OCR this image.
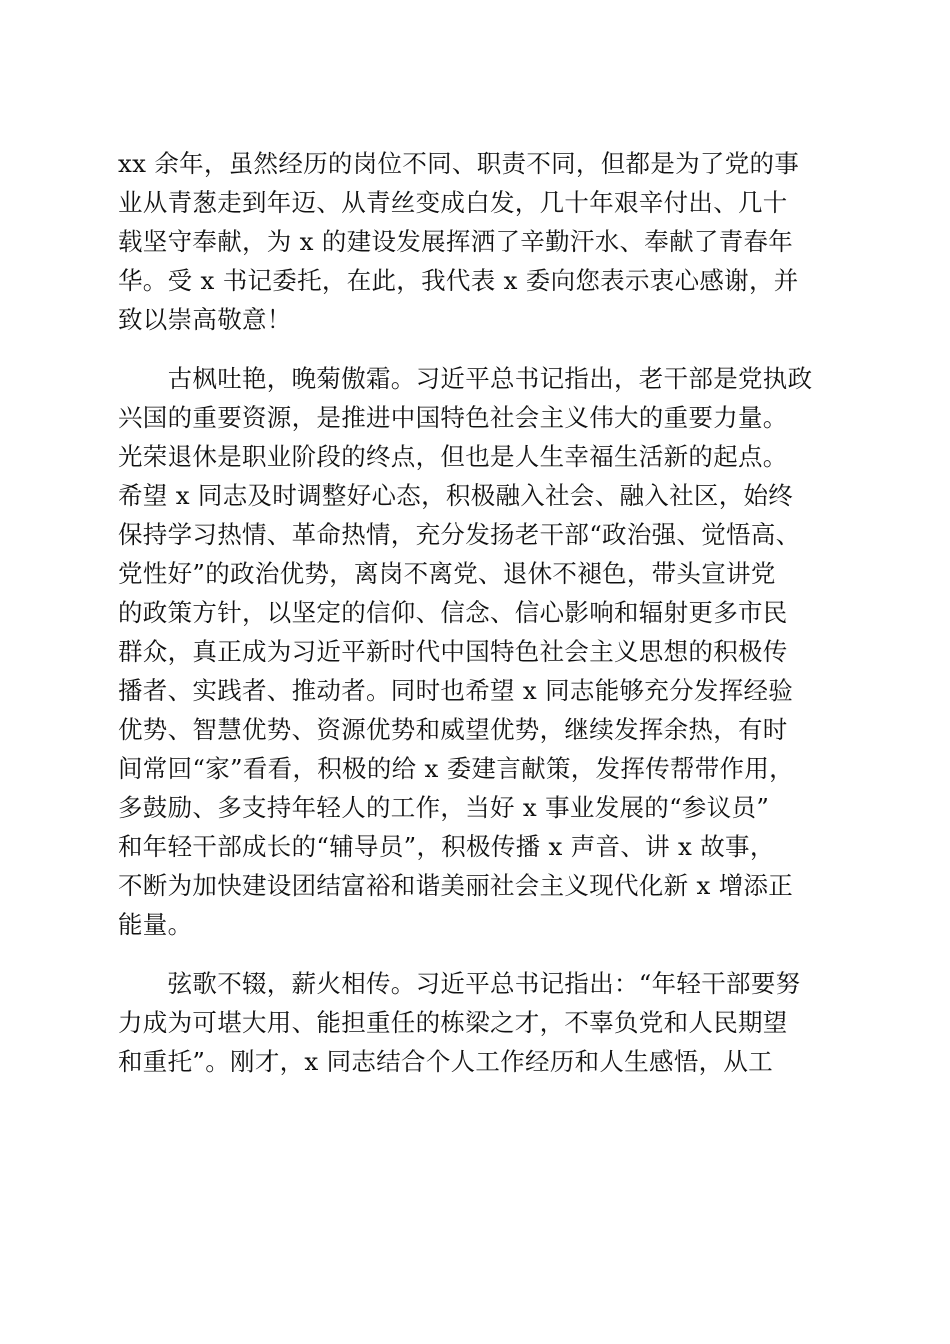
xx 余年，虽然经历的岗位不同、职责不同，但都是为了党的事
业从青葱走到年迈、从青丝变成白发，几十年艰辛付出、几十
载坚守奉献，为 x 的建设发展挥洒了辛勤汗水、奉献了青春年
华。受 x 书记委托，在此，我代表 x 委向您表示衷心感谢，并
致以崇高敬意！
　　古枫吐艳，晚菊傲霜。习近平总书记指出，老干部是党执政
兴国的重要资源，是推进中国特色社会主义伟大的重要力量。
光荣退休是职业阶段的终点，但也是人生幸福生活新的起点。
希望 x 同志及时调整好心态，积极融入社会、融入社区，始终
保持学习热情、革命热情，充分发扬老干部“政治强、觉悟高、
党性好”的政治优势，离岗不离党、退休不褪色，带头宣讲党
的政策方针，以坚定的信仰、信念、信心影响和辐射更多市民
群众，真正成为习近平新时代中国特色社会主义思想的积极传
播者、实践者、推动者。同时也希望 x 同志能够充分发挥经验
优势、智慧优势、资源优势和威望优势，继续发挥余热，有时
间常回“家”看看，积极的给 x 委建言献策，发挥传帮带作用，
多鼓励、多支持年轻人的工作，当好 x 事业发展的“参议员”
和年轻干部成长的“辅导员”，积极传播 x 声音、讲 x 故事，
不断为加快建设团结富裕和谐美丽社会主义现代化新 x 增添正
能量。
　　弦歌不辍，薪火相传。习近平总书记指出：“年轻干部要努
力成为可堪大用、能担重任的栋梁之才，不辜负党和人民期望
和重托”。刚才，x 同志结合个人工作经历和人生感悟，从工
